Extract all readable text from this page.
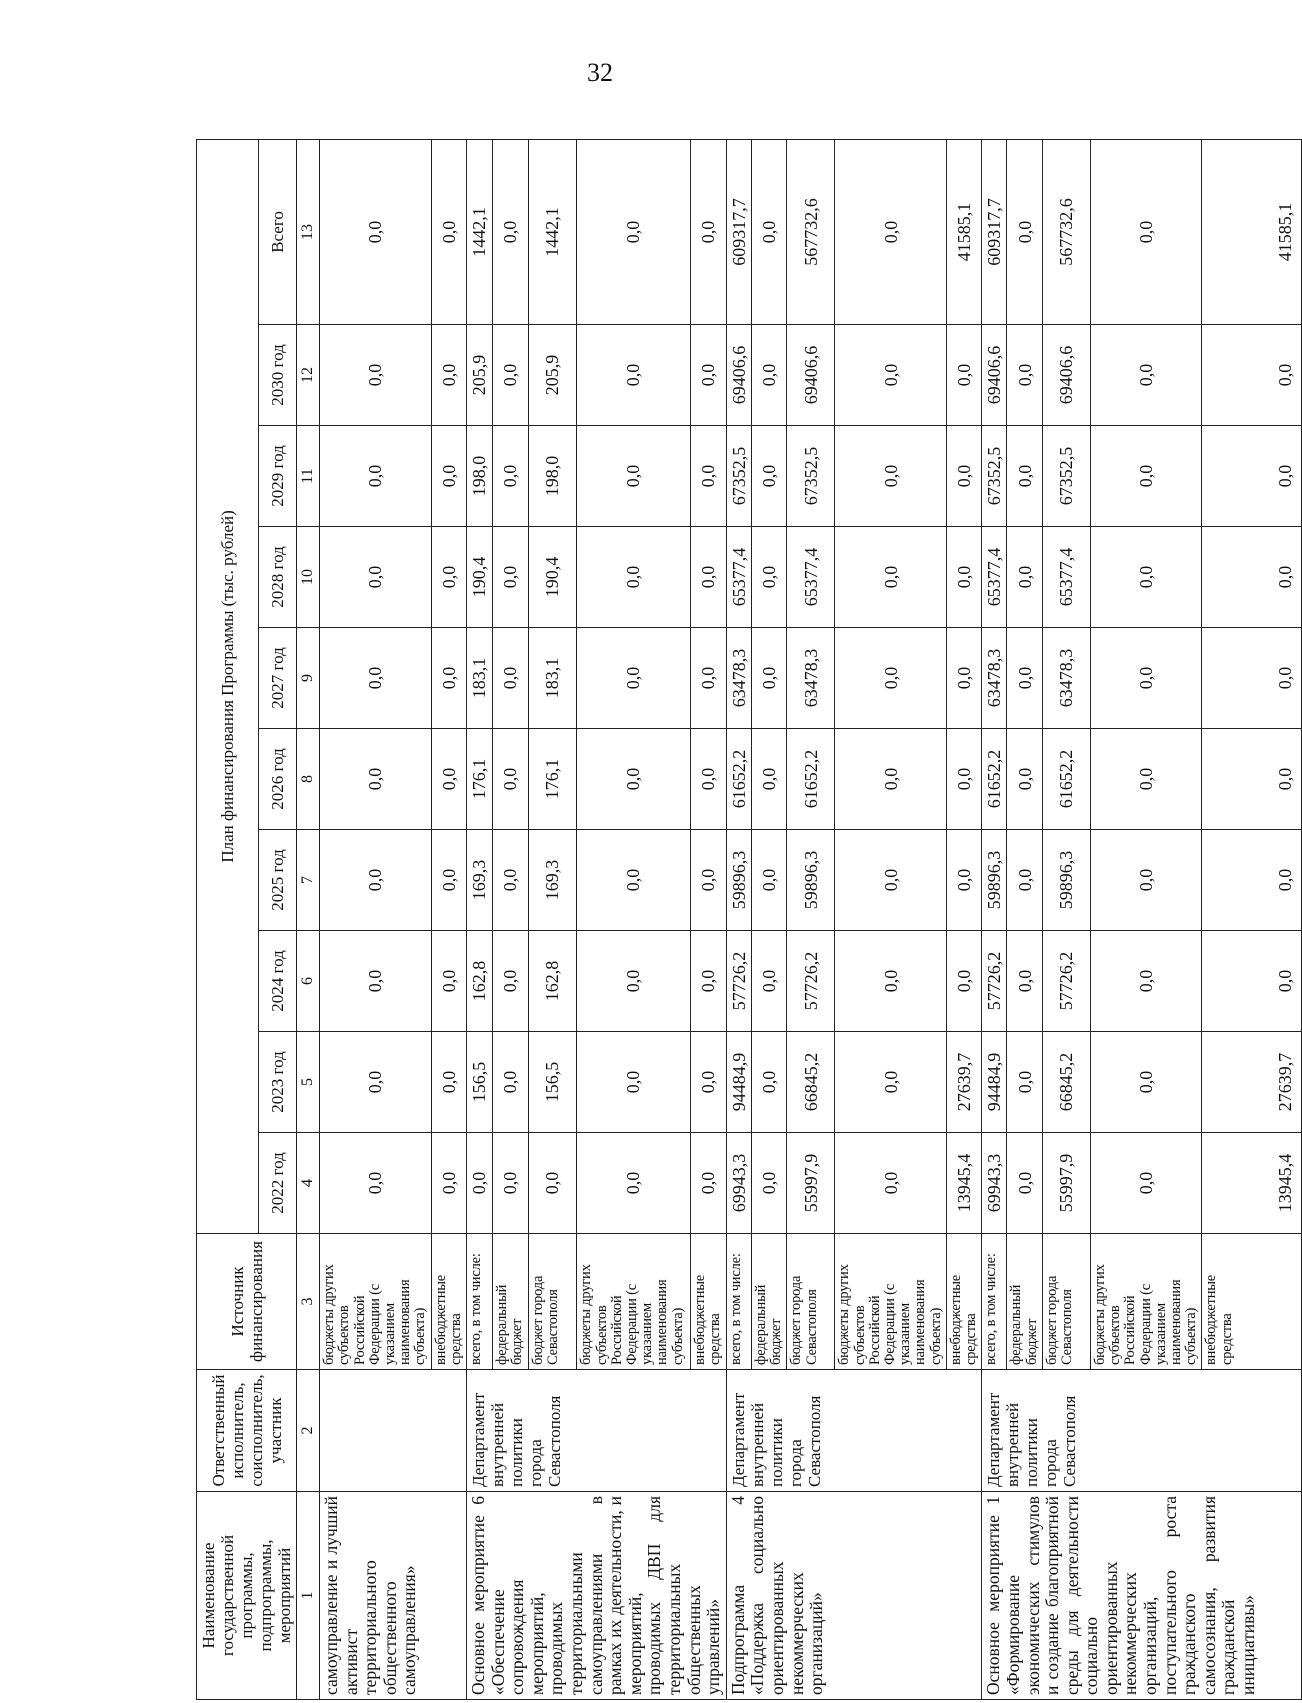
32
Наименование государственной программы, подпрограммы, мероприятий	Ответственный исполнитель, соисполнитель, участник	Источник финансирования	План финансирования Программы (тыс. рублей)									
			2022 год	2023 год	2024 год	2025 год	2026 год	2027 год	2028 год	2029 год	2030 год	Всего
1	2	3	4	5	6	7	8	9	10	11	12	13
самоуправление и лучший активист территориального общественного самоуправления»		бюджеты других субъектов Российской Федерации (с указанием наименования субъекта)	0,0	0,0	0,0	0,0	0,0	0,0	0,0	0,0	0,0	0,0
		внебюджетные средства	0,0	0,0	0,0	0,0	0,0	0,0	0,0	0,0	0,0	0,0
Основное мероприятие 6 «Обеспечение сопровождения мероприятий, проводимых территориальными самоуправлениями в рамках их деятельности, и мероприятий, проводимых ДВП для территориальных общественных управлений»	Департамент внутренней политики города Севастополя	всего, в том числе:	0,0	156,5	162,8	169,3	176,1	183,1	190,4	198,0	205,9	1442,1
		федеральный бюджет	0,0	0,0	0,0	0,0	0,0	0,0	0,0	0,0	0,0	0,0
		бюджет города Севастополя	0,0	156,5	162,8	169,3	176,1	183,1	190,4	198,0	205,9	1442,1
		бюджеты других субъектов Российской Федерации (с указанием наименования субъекта)	0,0	0,0	0,0	0,0	0,0	0,0	0,0	0,0	0,0	0,0
		внебюджетные средства	0,0	0,0	0,0	0,0	0,0	0,0	0,0	0,0	0,0	0,0
Подпрограмма 4 «Поддержка социально ориентированных некоммерческих организаций»	Департамент внутренней политики города Севастополя	всего, в том числе:	69943,3	94484,9	57726,2	59896,3	61652,2	63478,3	65377,4	67352,5	69406,6	609317,7
		федеральный бюджет	0,0	0,0	0,0	0,0	0,0	0,0	0,0	0,0	0,0	0,0
		бюджет города Севастополя	55997,9	66845,2	57726,2	59896,3	61652,2	63478,3	65377,4	67352,5	69406,6	567732,6
		бюджеты других субъектов Российской Федерации (с указанием наименования субъекта)	0,0	0,0	0,0	0,0	0,0	0,0	0,0	0,0	0,0	0,0
		внебюджетные средства	13945,4	27639,7	0,0	0,0	0,0	0,0	0,0	0,0	0,0	41585,1
Основное мероприятие 1 «Формирование экономических стимулов и создание благоприятной среды для деятельности социально ориентированных некоммерческих организаций, поступательного роста гражданского самосознания, развития гражданской инициативы»	Департамент внутренней политики города Севастополя	всего, в том числе:	69943,3	94484,9	57726,2	59896,3	61652,2	63478,3	65377,4	67352,5	69406,6	609317,7
		федеральный бюджет	0,0	0,0	0,0	0,0	0,0	0,0	0,0	0,0	0,0	0,0
		бюджет города Севастополя	55997,9	66845,2	57726,2	59896,3	61652,2	63478,3	65377,4	67352,5	69406,6	567732,6
		бюджеты других субъектов Российской Федерации (с указанием наименования субъекта)	0,0	0,0	0,0	0,0	0,0	0,0	0,0	0,0	0,0	0,0
		внебюджетные средства	13945,4	27639,7	0,0	0,0	0,0	0,0	0,0	0,0	0,0	41585,1
